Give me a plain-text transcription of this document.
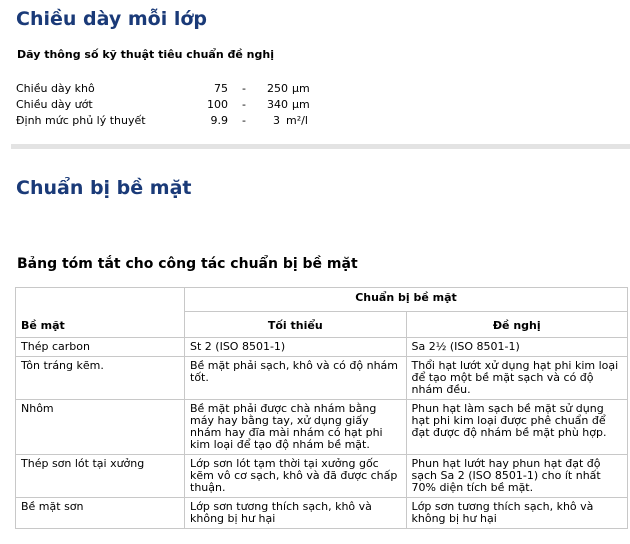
Chiều dày mỗi lớp

Dãy thông số kỹ thuật tiêu chuẩn đề nghị

Chiều dày khô	75	-	250 µm
Chiều dày ướt	100	-	340 µm
Định mức phủ lý thuyết	9.9	-	3 m²/l
Chuẩn bị bề mặt

Bảng tóm tắt cho công tác chuẩn bị bề mặt

	Chuẩn bị bề mặt	
Bề mặt	Tối thiểu	Đề nghị
Thép carbon	St 2 (ISO 8501-1)	Sa 2½ (ISO 8501-1)
Tôn tráng kẽm.	Bề mặt phải sạch, khô và có độ nhám tốt.	Thổi hạt lướt xử dụng hạt phi kim loại để tạo một bề mặt sạch và có độ nhám đều.
Nhôm	Bề mặt phải được chà nhám bằng máy hay bằng tay, xử dụng giấy nhám hay đĩa mài nhám có hạt phi kim loại để tạo độ nhám bề mặt.	Phun hạt làm sạch bề mặt sử dụng hạt phi kim loại được phê chuẩn để đạt được độ nhám bề mặt phù hợp.
Thép sơn lót tại xưởng	Lớp sơn lót tạm thời tại xưởng gốc kẽm vô cơ sạch, khô và đã được chấp thuận.	Phun hạt lướt hay phun hạt đạt độ sạch Sa 2 (ISO 8501-1) cho ít nhất 70% diện tích bề mặt.
Bề mặt sơn	Lớp sơn tương thích sạch, khô và không bị hư hại	Lớp sơn tương thích sạch, khô và không bị hư hại
